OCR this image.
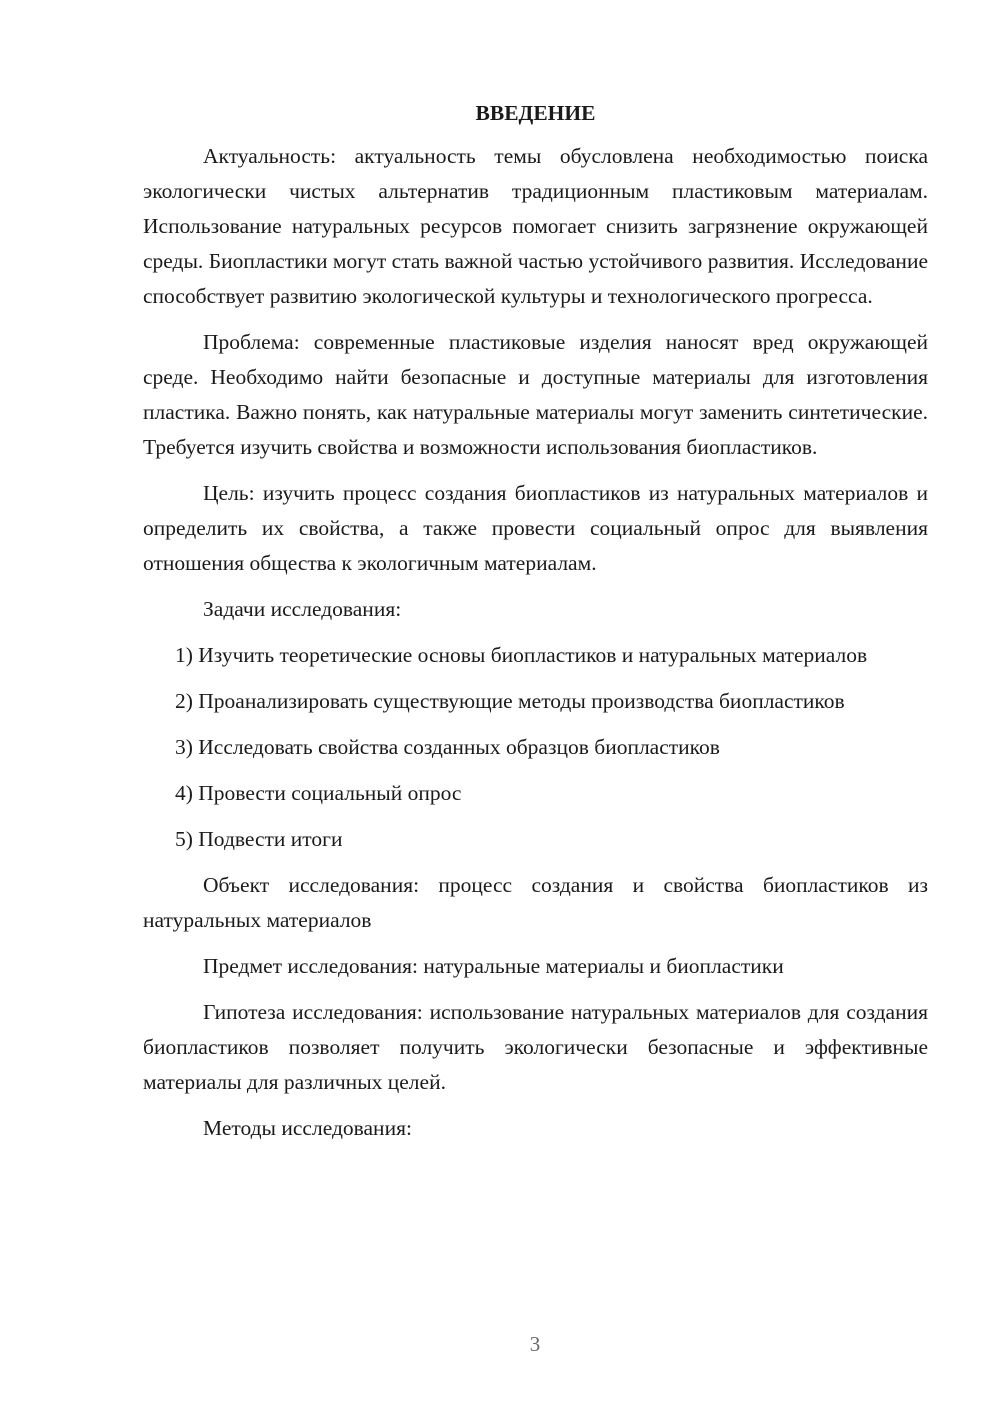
ВВЕДЕНИЕ

Актуальность: актуальность темы обусловлена необходимостью поиска экологически чистых альтернатив традиционным пластиковым материалам. Использование натуральных ресурсов помогает снизить загрязнение окружающей среды. Биопластики могут стать важной частью устойчивого развития. Исследование способствует развитию экологической культуры и технологического прогресса.

Проблема: современные пластиковые изделия наносят вред окружающей среде. Необходимо найти безопасные и доступные материалы для изготовления пластика. Важно понять, как натуральные материалы могут заменить синтетические. Требуется изучить свойства и возможности использования биопластиков.

Цель: изучить процесс создания биопластиков из натуральных материалов и определить их свойства, а также провести социальный опрос для выявления отношения общества к экологичным материалам.

Задачи исследования:

1) Изучить теоретические основы биопластиков и натуральных материалов

2) Проанализировать существующие методы производства биопластиков

3) Исследовать свойства созданных образцов биопластиков

4) Провести социальный опрос

5) Подвести итоги

Объект исследования: процесс создания и свойства биопластиков из натуральных материалов

Предмет исследования: натуральные материалы и биопластики

Гипотеза исследования: использование натуральных материалов для создания биопластиков позволяет получить экологически безопасные и эффективные материалы для различных целей.

Методы исследования:

3
